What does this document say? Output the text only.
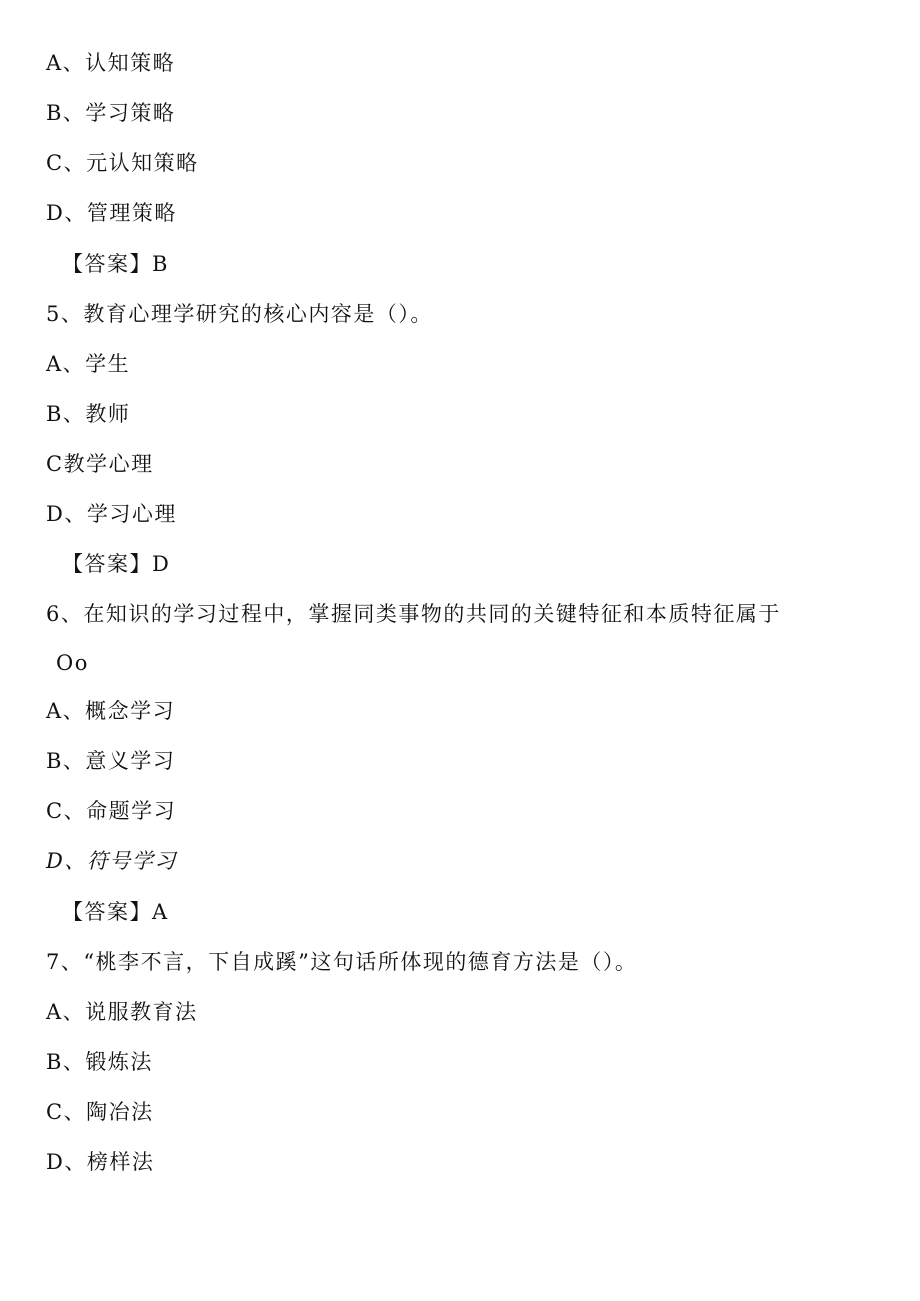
A、认知策略
B、学习策略
C、元认知策略
D、管理策略
【答案】B
5、教育心理学研究的核心内容是（）。
A、学生
B、教师
C教学心理
D、学习心理
【答案】D
6、在知识的学习过程中，掌握同类事物的共同的关键特征和本质特征属于
Oo
A、概念学习
B、意义学习
C、命题学习
D、符号学习
【答案】A
7、“桃李不言，下自成蹊”这句话所体现的德育方法是（）。
A、说服教育法
B、锻炼法
C、陶冶法
D、榜样法
